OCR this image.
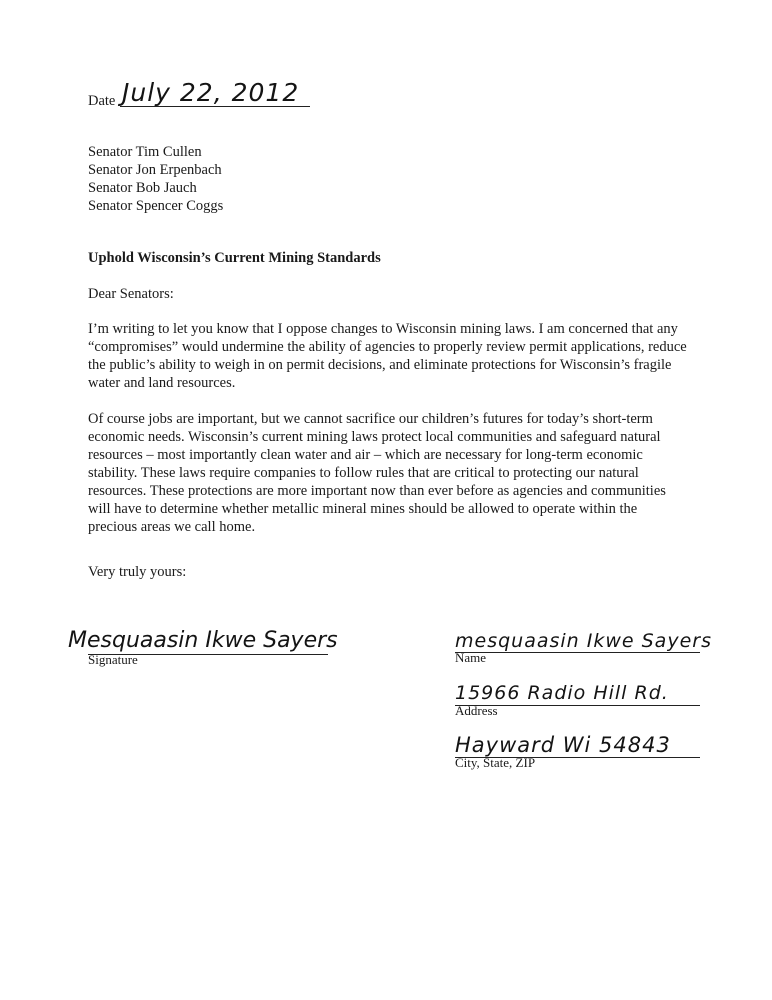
Date July 22, 2012
Senator Tim Cullen
Senator Jon Erpenbach
Senator Bob Jauch
Senator Spencer Coggs
Uphold Wisconsin’s Current Mining Standards
Dear Senators:
I’m writing to let you know that I oppose changes to Wisconsin mining laws. I am concerned that any “compromises” would undermine the ability of agencies to properly review permit applications, reduce the public’s ability to weigh in on permit decisions, and eliminate protections for Wisconsin’s fragile water and land resources.
Of course jobs are important, but we cannot sacrifice our children’s futures for today’s short-term economic needs. Wisconsin’s current mining laws protect local communities and safeguard natural resources – most importantly clean water and air – which are necessary for long-term economic stability. These laws require companies to follow rules that are critical to protecting our natural resources. These protections are more important now than ever before as agencies and communities will have to determine whether metallic mineral mines should be allowed to operate within the precious areas we call home.
Very truly yours:
Mesquaasin Ikwe Sayers
Signature
mesquaasin Ikwe Sayers
Name
15966 Radio Hill Rd.
Address
Hayward Wi 54843
City, State, ZIP
